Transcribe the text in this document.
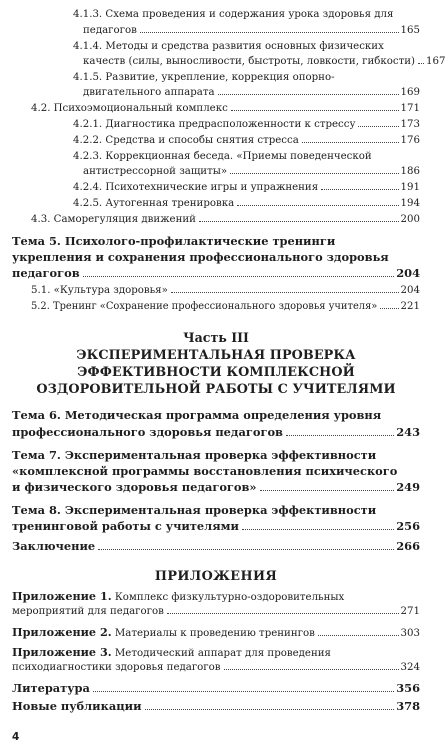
4.1.3. Схема проведения и содержания урока здоровья для
педагогов	165
4.1.4. Методы и средства развития основных физических
качеств (силы, выносливости, быстроты, ловкости, гибкости) 167
4.1.5. Развитие, укрепление, коррекция опорно-
двигательного аппарата	169
4.2. Психоэмоциональный комплекс	171
4.2.1. Диагностика предрасположенности к стрессу	173
4.2.2. Средства и способы снятия стресса	176
4.2.3. Коррекционная беседа. «Приемы поведенческой
антистрессорной защиты»	186
4.2.4. Психотехнические игры и упражнения	191
4.2.5. Аутогенная тренировка	194
4.3. Саморегуляция движений	200
Тема 5. Психолого-профилактические тренинги
укрепления и сохранения профессионального здоровья
педагогов	204
5.1. «Культура здоровья»	204
5.2. Тренинг «Сохранение профессионального здоровья учителя» 221
Часть III
ЭКСПЕРИМЕНТАЛЬНАЯ ПРОВЕРКА
ЭФФЕКТИВНОСТИ КОМПЛЕКСНОЙ
ОЗДОРОВИТЕЛЬНОЙ РАБОТЫ С УЧИТЕЛЯМИ
Тема 6. Методическая программа определения уровня
профессионального здоровья педагогов	243
Тема 7. Экспериментальная проверка эффективности
«комплексной программы восстановления психического
и физического здоровья педагогов»	249
Тема 8. Экспериментальная проверка эффективности
тренинговой работы с учителями	256
Заключение	266
ПРИЛОЖЕНИЯ
Приложение 1. Комплекс физкультурно-оздоровительных
мероприятий для педагогов	271
Приложение 2. Материалы к проведению тренингов	303
Приложение 3. Методический аппарат для проведения
психодиагностики здоровья педагогов	324
Литература	356
Новые публикации	378
4
